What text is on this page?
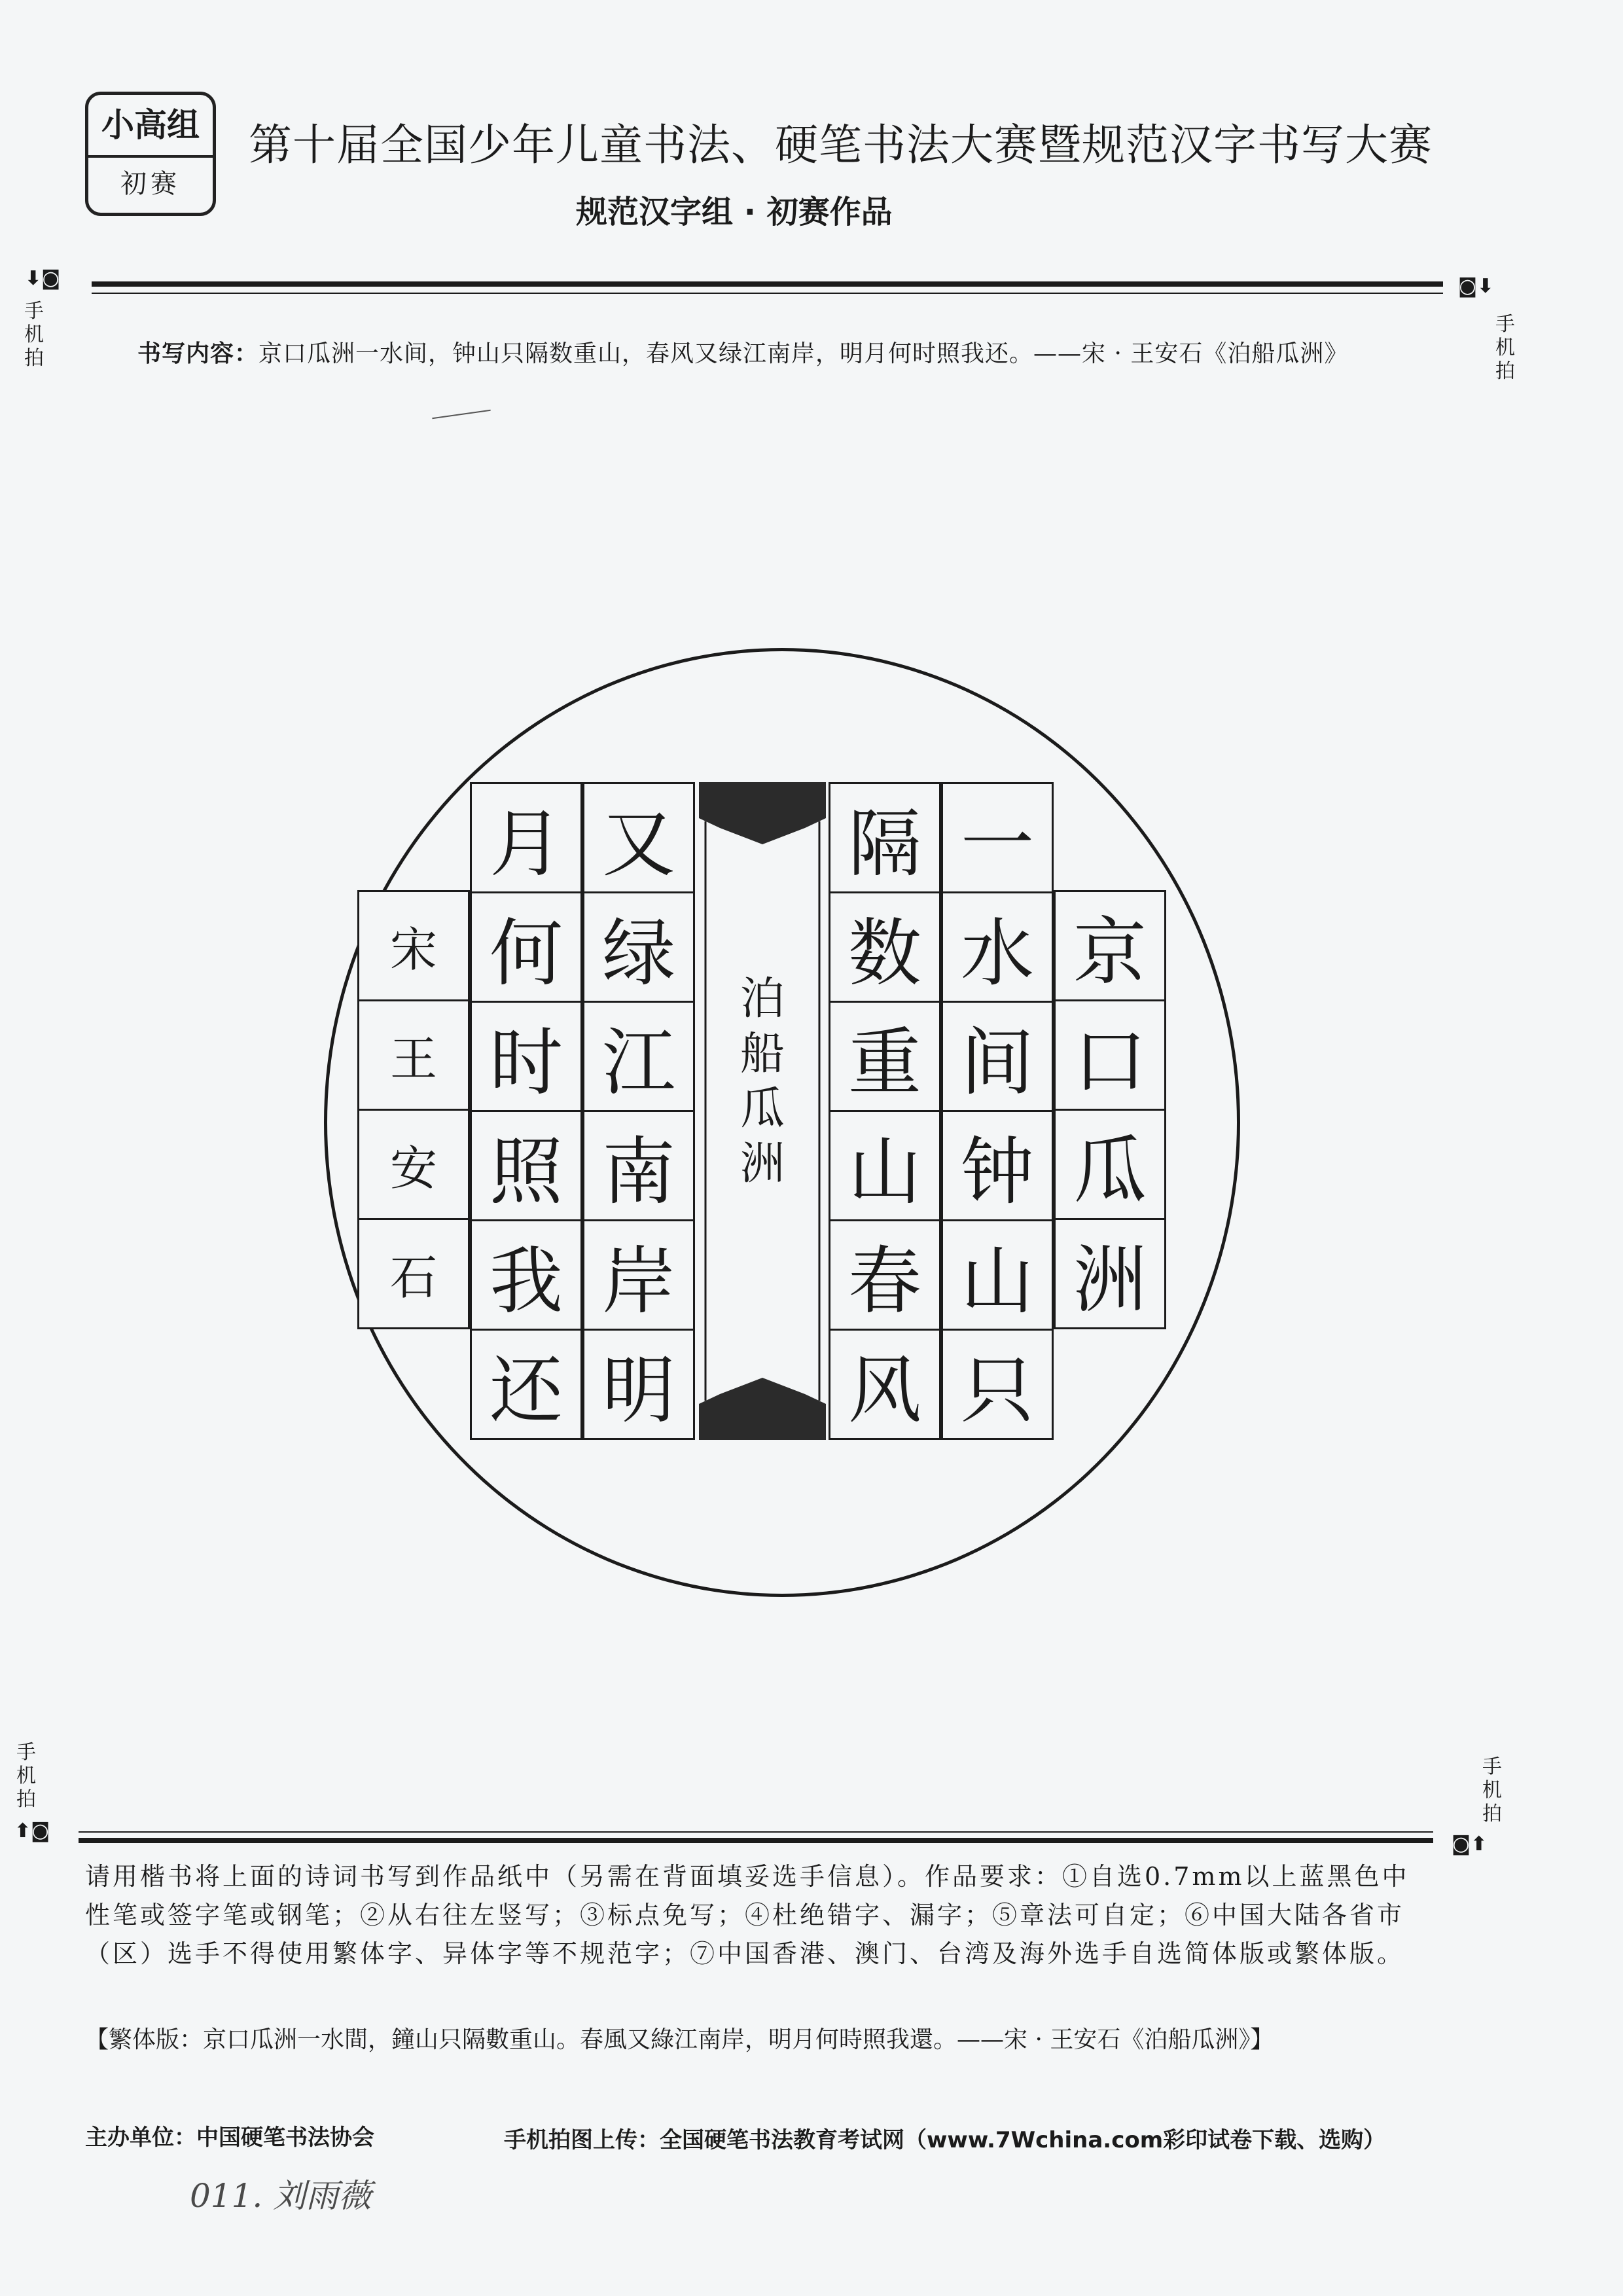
小高组
初赛
第十届全国少年儿童书法、硬笔书法大赛暨规范汉字书写大赛
规范汉字组 · 初赛作品
⬇◙
手机拍
◙⬇
手机拍
书写内容：京口瓜洲一水间，钟山只隔数重山，春风又绿江南岸，明月何时照我还。——宋 · 王安石《泊船瓜洲》
京
口
瓜
洲
一
水
间
钟
山
只
隔
数
重
山
春
风
又
绿
江
南
岸
明
月
何
时
照
我
还
宋
王
安
石
泊
船
瓜
洲
手机拍
⬆◙
手机拍
◙⬆
请用楷书将上面的诗词书写到作品纸中（另需在背面填妥选手信息）。作品要求：①自选0.7mm以上蓝黑色中性笔或签字笔或钢笔；②从右往左竖写；③标点免写；④杜绝错字、漏字；⑤章法可自定；⑥中国大陆各省市（区）选手不得使用繁体字、异体字等不规范字；⑦中国香港、澳门、台湾及海外选手自选简体版或繁体版。
【繁体版：京口瓜洲一水間，鐘山只隔數重山。春風又綠江南岸，明月何時照我還。——宋 · 王安石《泊船瓜洲》】
主办单位：中国硬笔书法协会	手机拍图上传：全国硬笔书法教育考试网（www.7Wchina.com彩印试卷下载、选购）
011. 刘雨薇
